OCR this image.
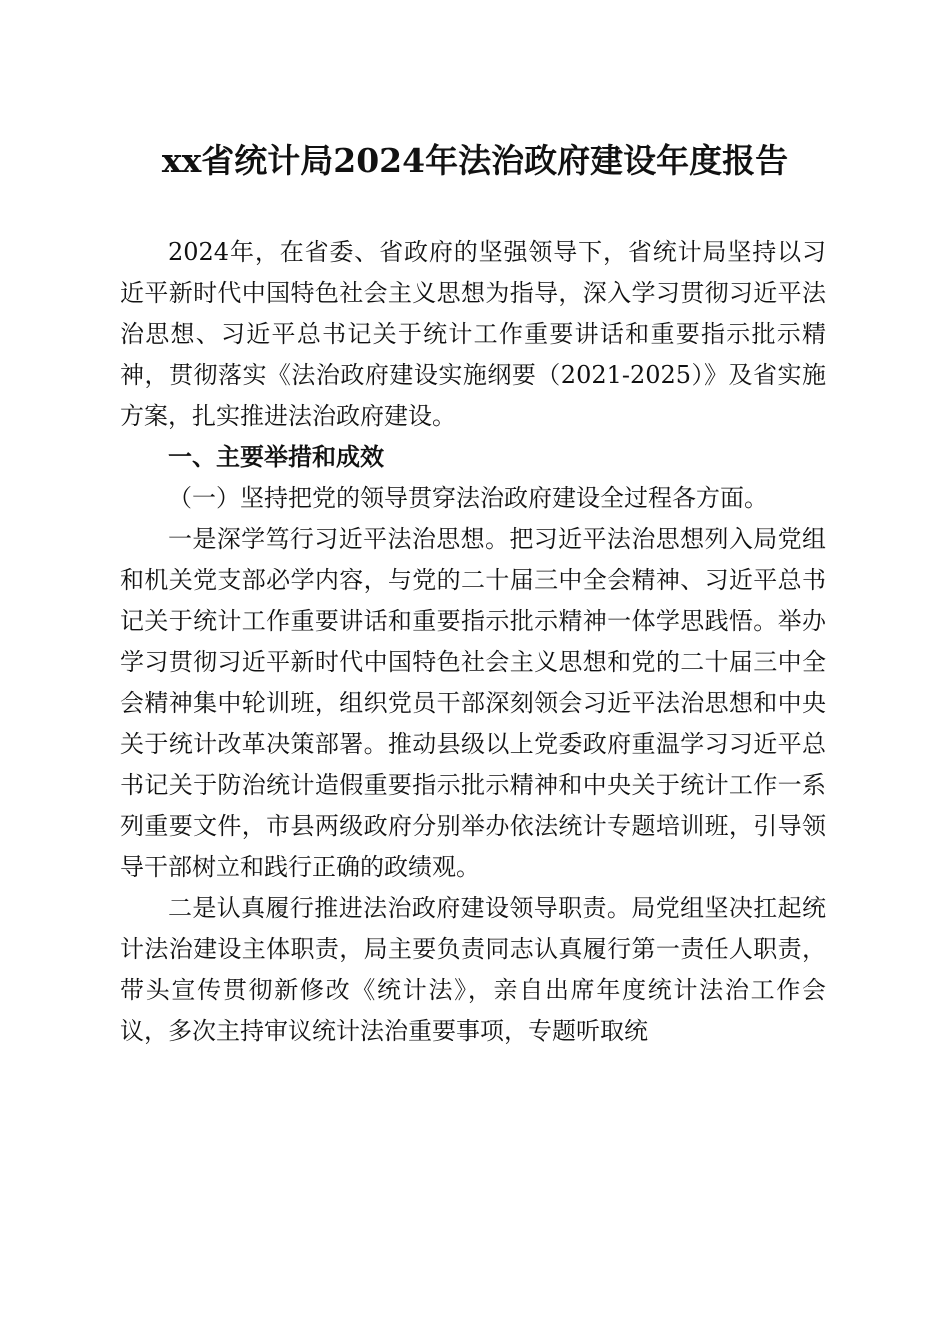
xx省统计局2024年法治政府建设年度报告

2024年，在省委、省政府的坚强领导下，省统计局坚持以习近平新时代中国特色社会主义思想为指导，深入学习贯彻习近平法治思想、习近平总书记关于统计工作重要讲话和重要指示批示精神，贯彻落实《法治政府建设实施纲要（2021-2025）》及省实施方案，扎实推进法治政府建设。

一、主要举措和成效

（一）坚持把党的领导贯穿法治政府建设全过程各方面。

一是深学笃行习近平法治思想。把习近平法治思想列入局党组和机关党支部必学内容，与党的二十届三中全会精神、习近平总书记关于统计工作重要讲话和重要指示批示精神一体学思践悟。举办学习贯彻习近平新时代中国特色社会主义思想和党的二十届三中全会精神集中轮训班，组织党员干部深刻领会习近平法治思想和中央关于统计改革决策部署。推动县级以上党委政府重温学习习近平总书记关于防治统计造假重要指示批示精神和中央关于统计工作一系列重要文件，市县两级政府分别举办依法统计专题培训班，引导领导干部树立和践行正确的政绩观。

二是认真履行推进法治政府建设领导职责。局党组坚决扛起统计法治建设主体职责，局主要负责同志认真履行第一责任人职责，带头宣传贯彻新修改《统计法》，亲自出席年度统计法治工作会议，多次主持审议统计法治重要事项，专题听取统
